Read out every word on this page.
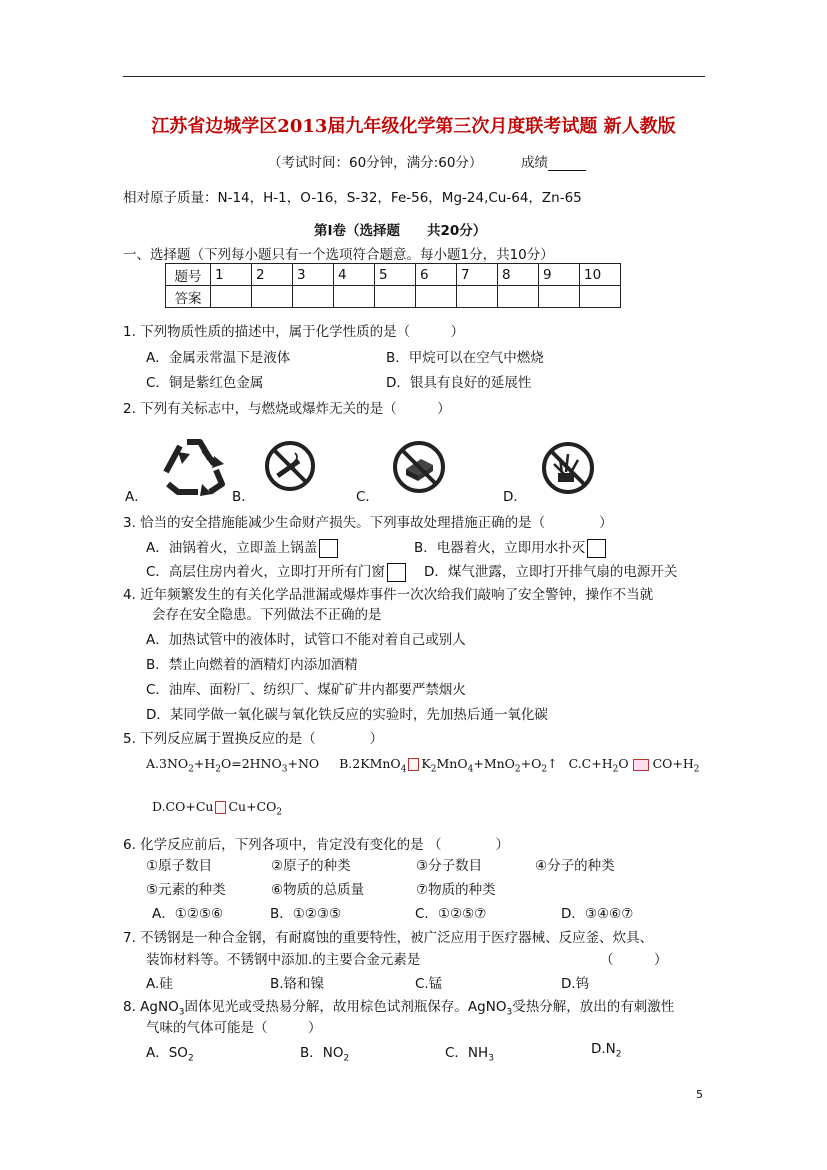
江苏省边城学区2013届九年级化学第三次月度联考试题 新人教版
（考试时间：60分钟，满分:60分）	成绩
相对原子质量：N-14，H-1，O-16，S-32，Fe-56，Mg-24,Cu-64，Zn-65
第Ⅰ卷（选择题　　共20分）
一、选择题（下列每小题只有一个选项符合题意。每小题1分，共10分）
题号	1	2	3	4	5	6	7	8	9	10
答案										
1. 下列物质性质的描述中，属于化学性质的是（　　　）
A．金属汞常温下是液体	B．甲烷可以在空气中燃烧
C．铜是紫红色金属	D．银具有良好的延展性
2. 下列有关标志中，与燃烧或爆炸无关的是（　　　）
A．	B．	C．	D．
3. 恰当的安全措施能减少生命财产损失。下列事故处理措施正确的是（　　　　）
A．油锅着火，立即盖上锅盖	B．电器着火，立即用水扑灭
C．高层住房内着火，立即打开所有门窗	D．煤气泄露，立即打开排气扇的电源开关
4. 近年频繁发生的有关化学品泄漏或爆炸事件一次次给我们敲响了安全警钟，操作不当就
会存在安全隐患。下列做法不正确的是
A．加热试管中的液体时，试管口不能对着自己或别人
B．禁止向燃着的酒精灯内添加酒精
C．油库、面粉厂、纺织厂、煤矿矿井内都要严禁烟火
D．某同学做一氧化碳与氧化铁反应的实验时，先加热后通一氧化碳
5. 下列反应属于置换反应的是（　　　　）
$A.3NO_2+H_2O=2HNO_3+NO$ B.2KMnO$_4$ $K_2MnO_4+MnO_2+O_2↑$ $C.C+H_2O$ $CO+H_2$
D.CO+Cu $Cu+CO_2$
6. 化学反应前后，下列各项中，肯定没有变化的是 （　　　　）
①原子数目	②原子的种类	③分子数目	④分子的种类
⑤元素的种类	⑥物质的总质量	⑦物质的种类
A．①②⑤⑥	B．①②③⑤	C．①②⑤⑦	D．③④⑥⑦
7. 不锈钢是一种合金钢，有耐腐蚀的重要特性，被广泛应用于医疗器械、反应釜、炊具、
装饰材料等。不锈钢中添加.的主要合金元素是	（　　　）
A.硅	B.铬和镍	C.锰	D.钨
8. AgNO$_3$固体见光或受热易分解，故用棕色试剂瓶保存。AgNO$_3$受热分解，放出的有刺激性
气味的气体可能是（　　　）
A．$SO_2$	B．$NO_2$	C．$NH_3$
$D.N_2$
5
